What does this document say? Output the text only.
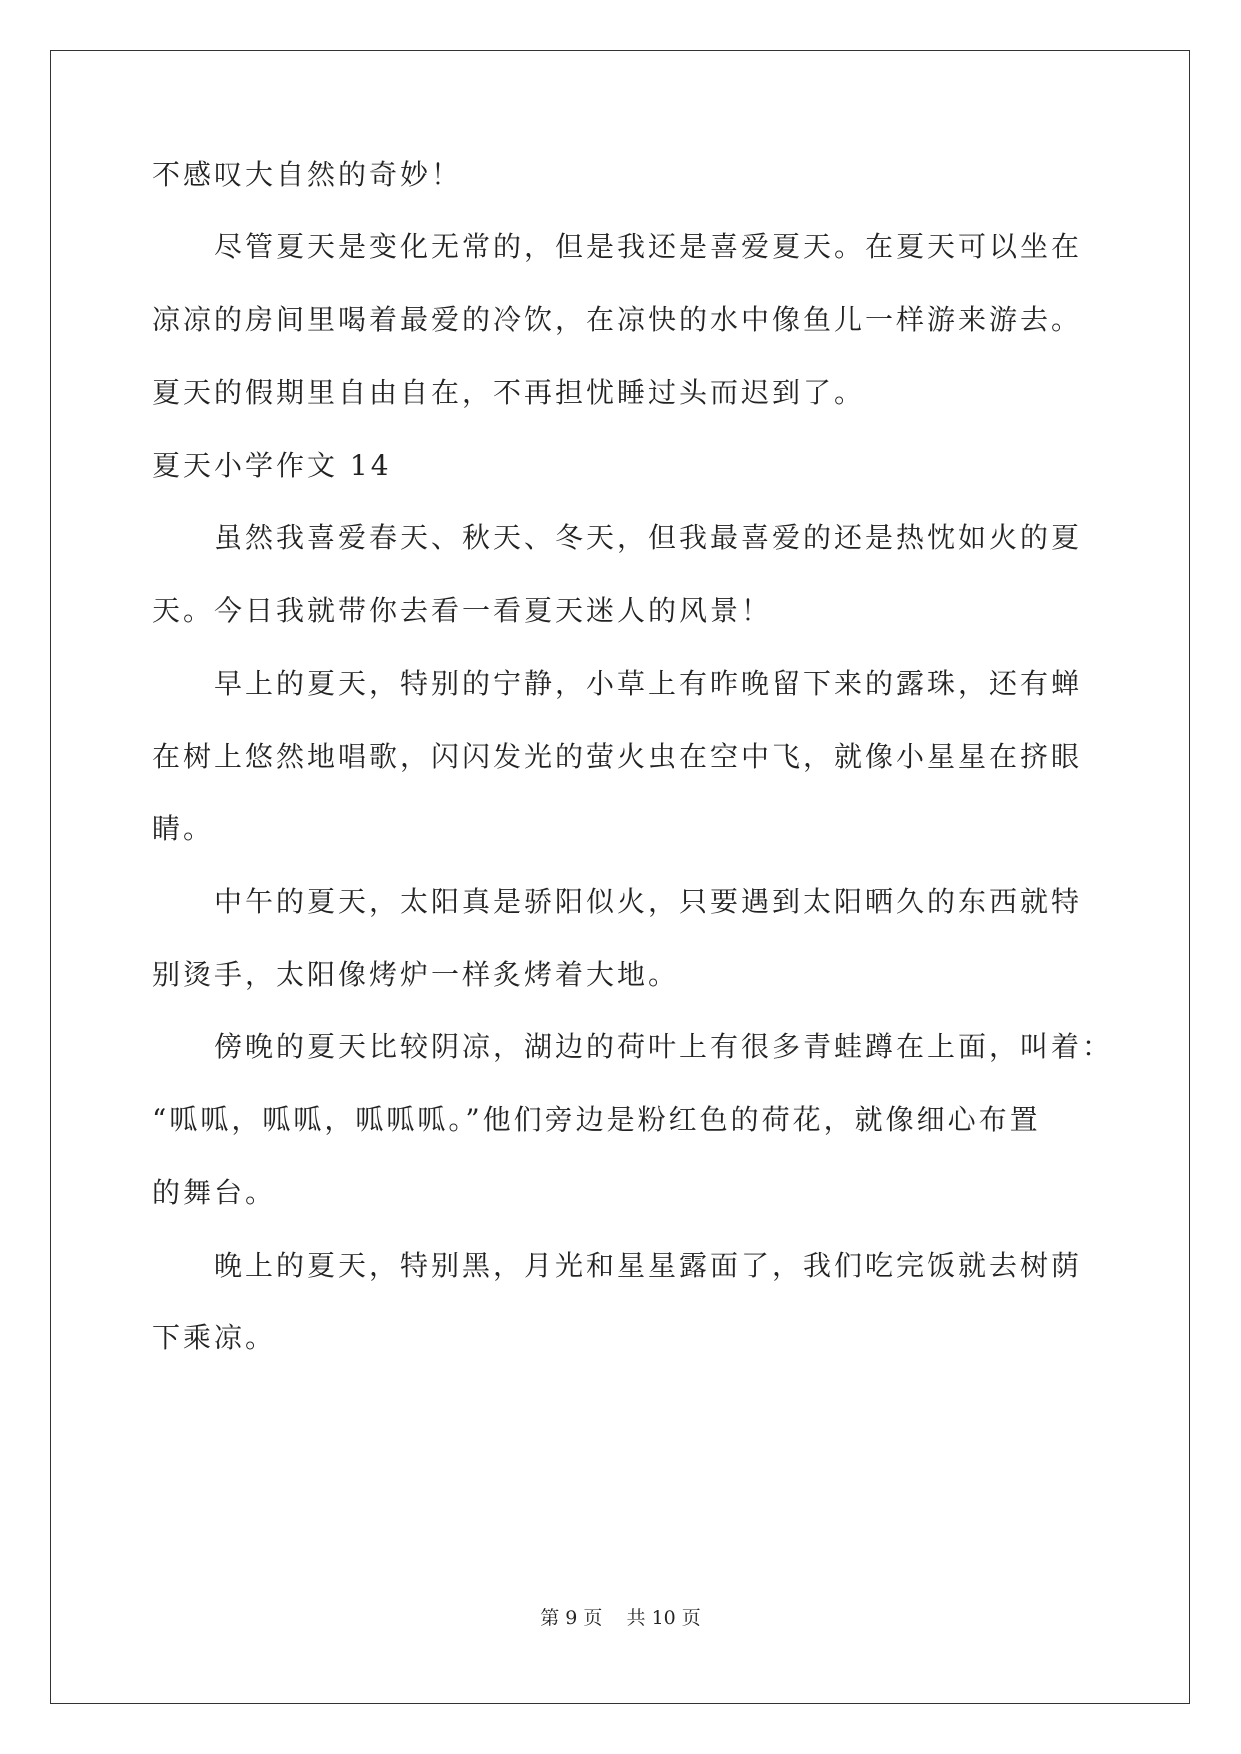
不感叹大自然的奇妙！
尽管夏天是变化无常的，但是我还是喜爱夏天。在夏天可以坐在
凉凉的房间里喝着最爱的冷饮，在凉快的水中像鱼儿一样游来游去。
夏天的假期里自由自在，不再担忧睡过头而迟到了。
夏天小学作文 14
虽然我喜爱春天、秋天、冬天，但我最喜爱的还是热忱如火的夏
天。今日我就带你去看一看夏天迷人的风景！
早上的夏天，特别的宁静，小草上有昨晚留下来的露珠，还有蝉
在树上悠然地唱歌，闪闪发光的萤火虫在空中飞，就像小星星在挤眼
睛。
中午的夏天，太阳真是骄阳似火，只要遇到太阳晒久的东西就特
别烫手，太阳像烤炉一样炙烤着大地。
傍晚的夏天比较阴凉，湖边的荷叶上有很多青蛙蹲在上面，叫着：
“呱呱，呱呱，呱呱呱。”他们旁边是粉红色的荷花，就像细心布置
的舞台。
晚上的夏天，特别黑，月光和星星露面了，我们吃完饭就去树荫
下乘凉。
第 9 页    共 10 页
